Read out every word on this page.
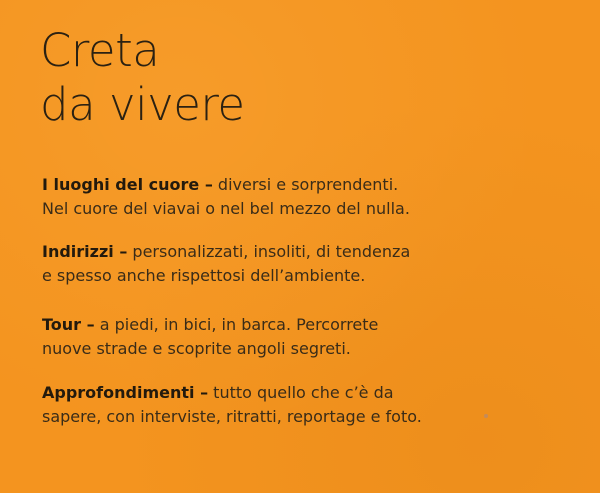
Creta
da vivere
I luoghi del cuore – diversi e sorprendenti.
Nel cuore del viavai o nel bel mezzo del nulla.
Indirizzi – personalizzati, insoliti, di tendenza
e spesso anche rispettosi dell’ambiente.
Tour – a piedi, in bici, in barca. Percorrete
nuove strade e scoprite angoli segreti.
Approfondimenti – tutto quello che c’è da
sapere, con interviste, ritratti, reportage e foto.
